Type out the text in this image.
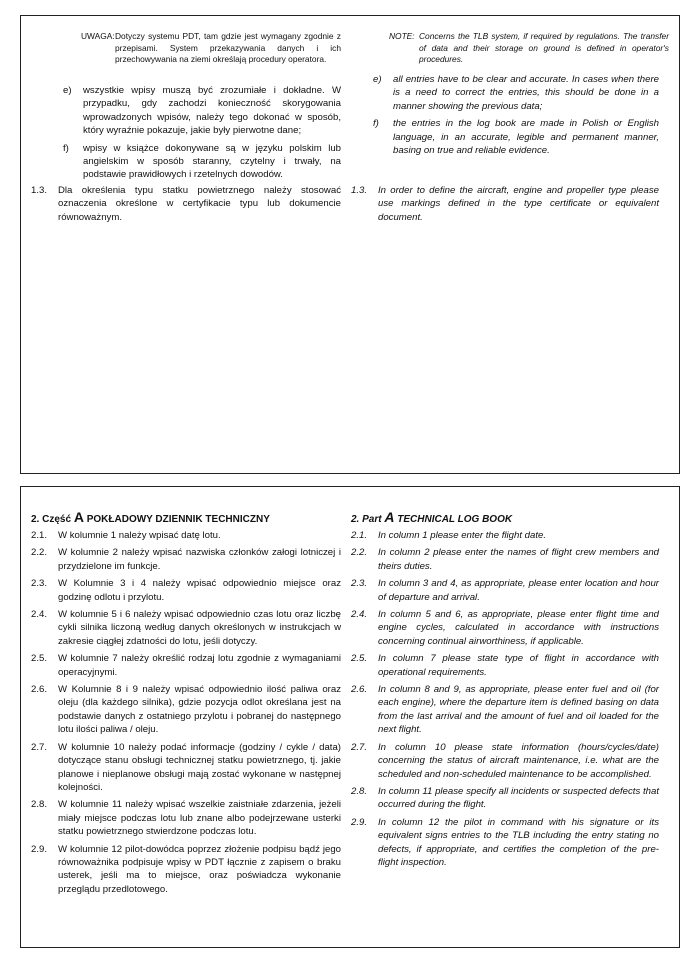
UWAGA: Dotyczy systemu PDT, tam gdzie jest wymagany zgodnie z przepisami. System przekazywania danych i ich przechowywania na ziemi określają procedury operatora.
NOTE: Concerns the TLB system, if required by regulations. The transfer of data and their storage on ground is defined in operator's procedures.
e) wszystkie wpisy muszą być zrozumiałe i dokładne. W przypadku, gdy zachodzi konieczność skorygowania wprowadzonych wpisów, należy tego dokonać w sposób, który wyraźnie pokazuje, jakie były pierwotne dane;
f) wpisy w książce dokonywane są w języku polskim lub angielskim w sposób staranny, czytelny i trwały, na podstawie prawidłowych i rzetelnych dowodów.
e) all entries have to be clear and accurate. In cases when there is a need to correct the entries, this should be done in a manner showing the previous data;
f) the entries in the log book are made in Polish or English language, in an accurate, legible and permanent manner, basing on true and reliable evidence.
1.3. Dla określenia typu statku powietrznego należy stosować oznaczenia określone w certyfikacie typu lub dokumencie równoważnym.
1.3. In order to define the aircraft, engine and propeller type please use markings defined in the type certificate or equivalent document.
2. Część A POKŁADOWY DZIENNIK TECHNICZNY	2. Part A TECHNICAL LOG BOOK
2.1. W kolumnie 1 należy wpisać datę lotu.
2.2. W kolumnie 2 należy wpisać nazwiska członków załogi lotniczej i przydzielone im funkcje.
2.3. W Kolumnie 3 i 4 należy wpisać odpowiednio miejsce oraz godzinę odlotu i przylotu.
2.4. W kolumnie 5 i 6 należy wpisać odpowiednio czas lotu oraz liczbę cykli silnika liczoną według danych określonych w instrukcjach w zakresie ciągłej zdatności do lotu, jeśli dotyczy.
2.5. W kolumnie 7 należy określić rodzaj lotu zgodnie z wymaganiami operacyjnymi.
2.6. W Kolumnie 8 i 9 należy wpisać odpowiednio ilość paliwa oraz oleju (dla każdego silnika), gdzie pozycja odlot określana jest na podstawie danych z ostatniego przylotu i pobranej do następnego lotu ilości paliwa / oleju.
2.7. W kolumnie 10 należy podać informacje (godziny / cykle / data) dotyczące stanu obsługi technicznej statku powietrznego, tj. jakie planowe i nieplanowe obsługi mają zostać wykonane w następnej kolejności.
2.8. W kolumnie 11 należy wpisać wszelkie zaistniałe zdarzenia, jeżeli miały miejsce podczas lotu lub znane albo podejrzewane usterki statku powietrznego stwierdzone podczas lotu.
2.9. W kolumnie 12 pilot-dowódca poprzez złożenie podpisu bądź jego równoważnika podpisuje wpisy w PDT łącznie z zapisem o braku usterek, jeśli ma to miejsce, oraz poświadcza wykonanie przeglądu przedlotowego.
2.1. In column 1 please enter the flight date.
2.2. In column 2 please enter the names of flight crew members and theirs duties.
2.3. In column 3 and 4, as appropriate, please enter location and hour of departure and arrival.
2.4. In column 5 and 6, as appropriate, please enter flight time and engine cycles, calculated in accordance with instructions concerning continual airworthiness, if applicable.
2.5. In column 7 please state type of flight in accordance with operational requirements.
2.6. In column 8 and 9, as appropriate, please enter fuel and oil (for each engine), where the departure item is defined basing on data from the last arrival and the amount of fuel and oil loaded for the next flight.
2.7. In column 10 please state information (hours/cycles/date) concerning the status of aircraft maintenance, i.e. what are the scheduled and non-scheduled maintenance to be accomplished.
2.8. In column 11 please specify all incidents or suspected defects that occurred during the flight.
2.9. In column 12 the pilot in command with his signature or its equivalent signs entries to the TLB including the entry stating no defects, if appropriate, and certifies the completion of the pre-flight inspection.
